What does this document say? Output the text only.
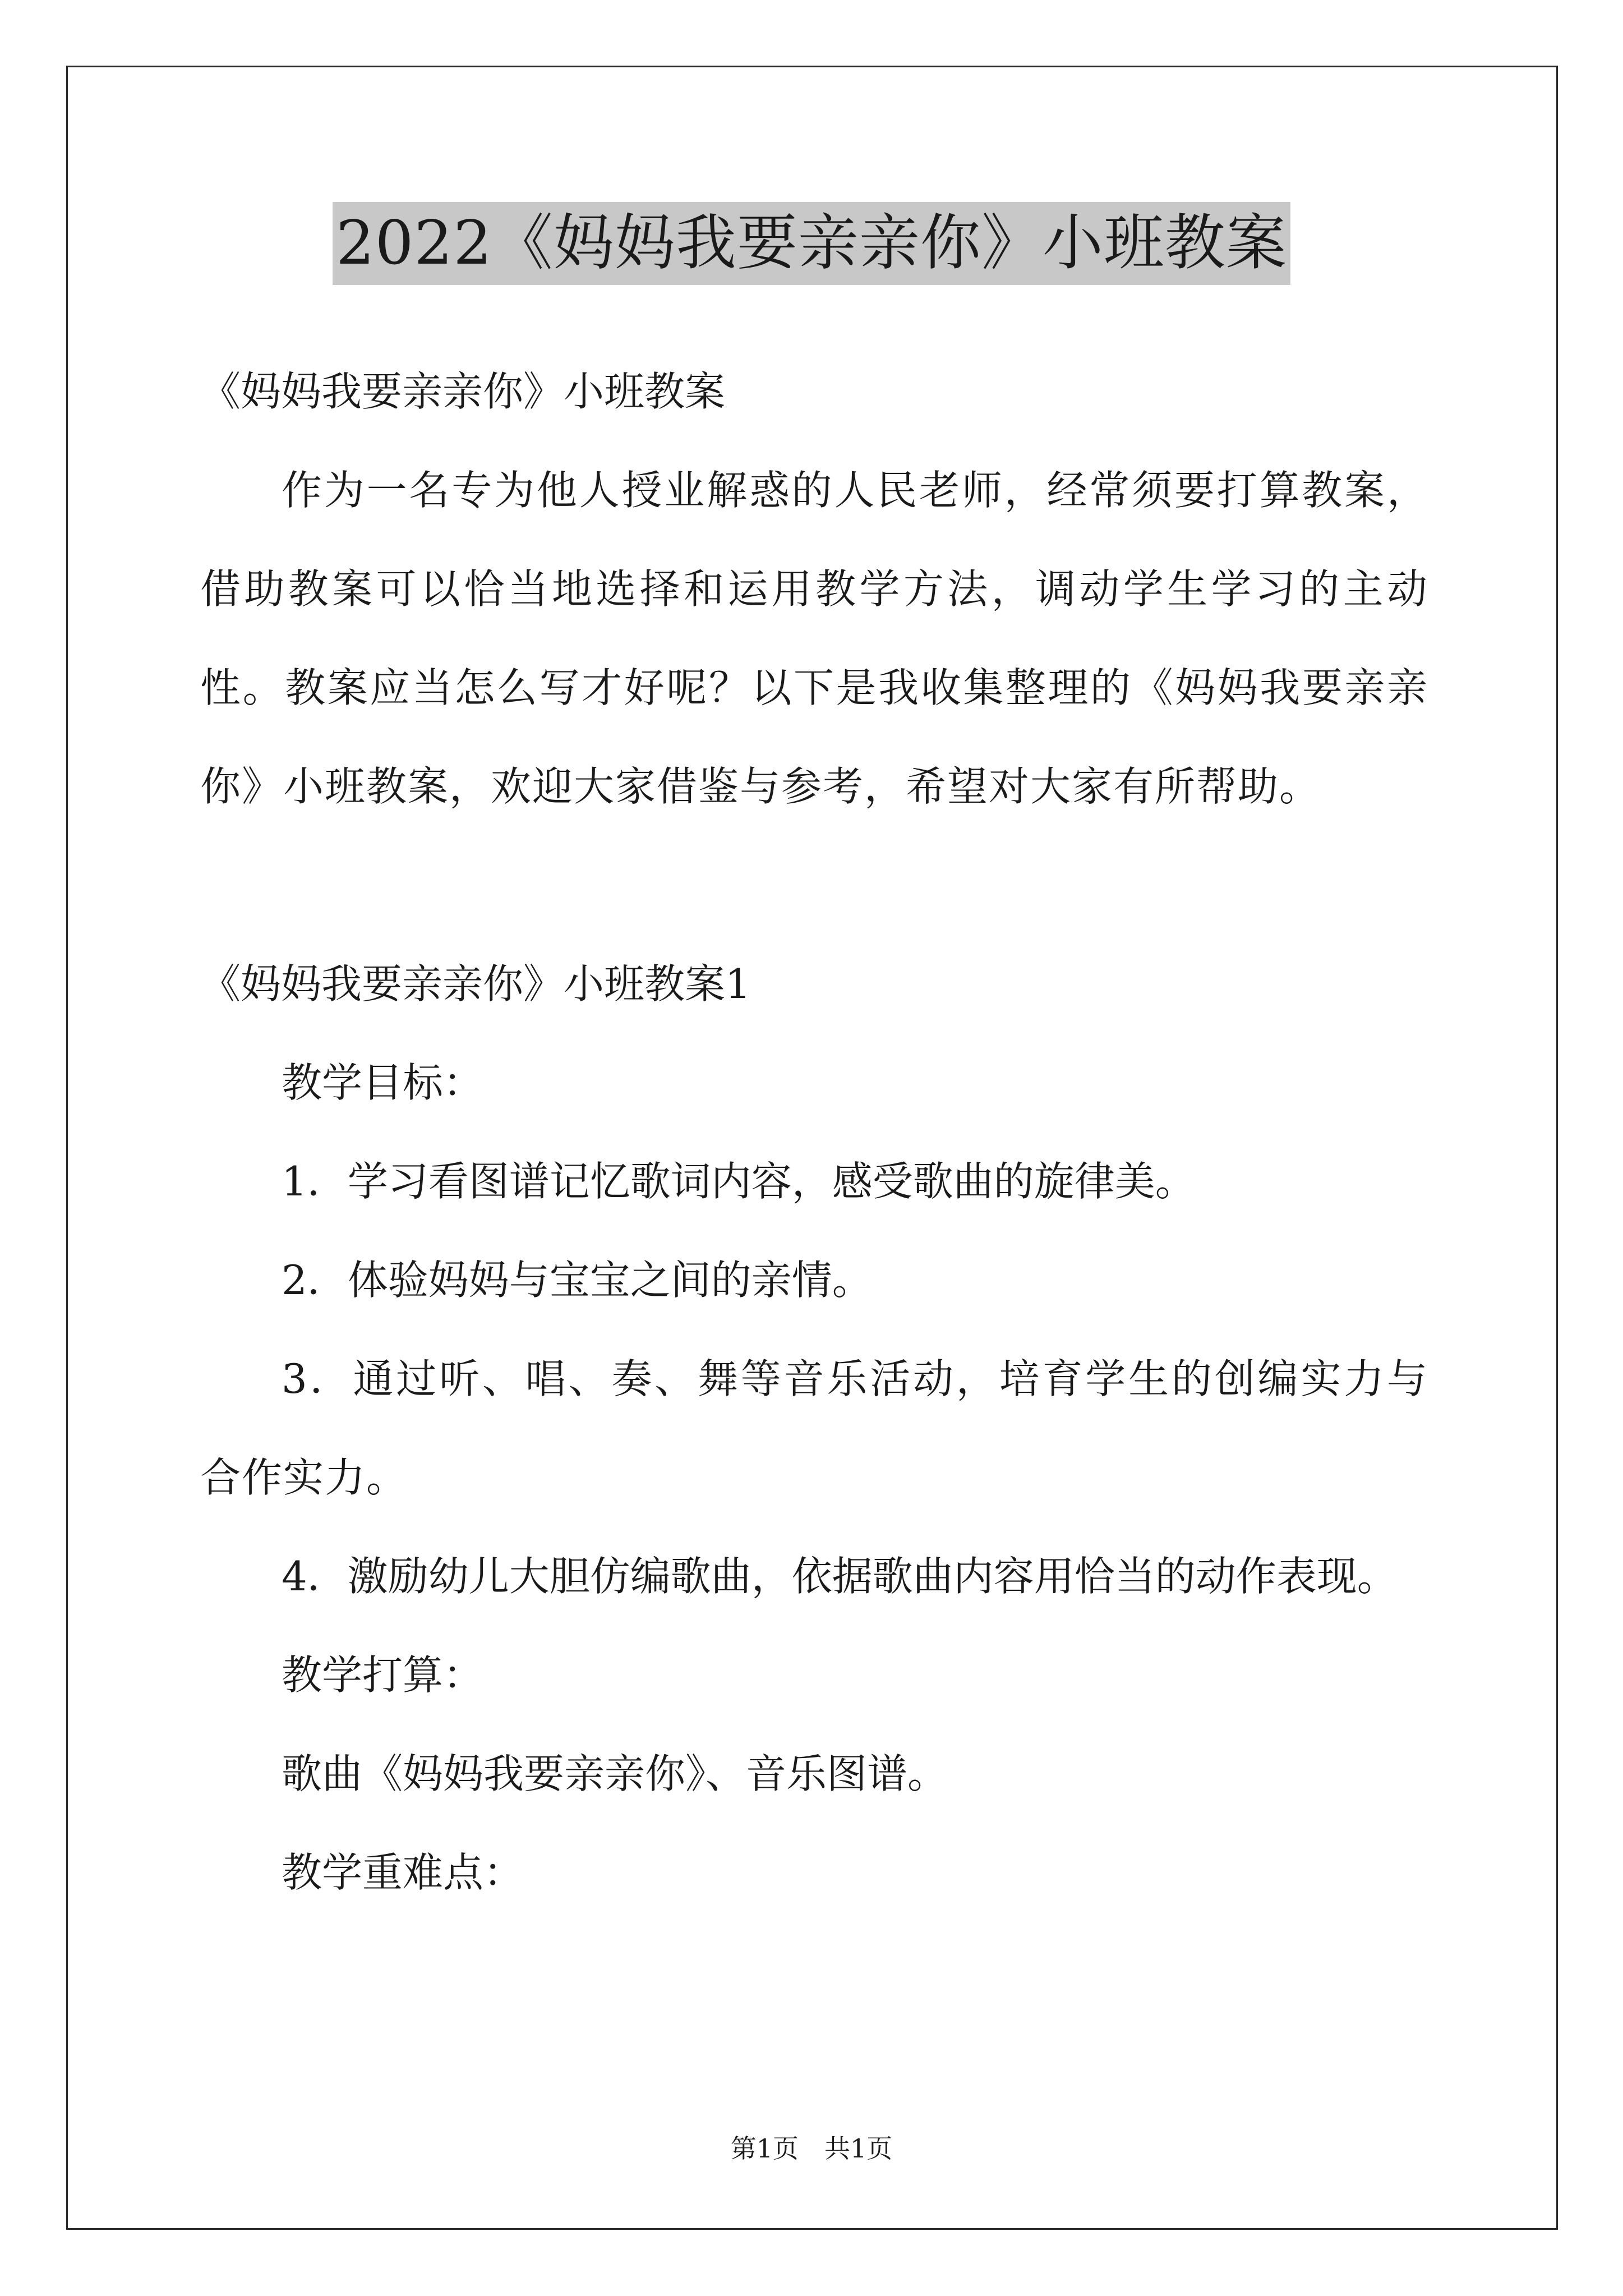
2022《妈妈我要亲亲你》小班教案

《妈妈我要亲亲你》小班教案

作为一名专为他人授业解惑的人民老师，经常须要打算教案，借助教案可以恰当地选择和运用教学方法，调动学生学习的主动性。教案应当怎么写才好呢？以下是我收集整理的《妈妈我要亲亲你》小班教案，欢迎大家借鉴与参考，希望对大家有所帮助。

《妈妈我要亲亲你》小班教案1

教学目标：

1．学习看图谱记忆歌词内容，感受歌曲的旋律美。

2．体验妈妈与宝宝之间的亲情。

3．通过听、唱、奏、舞等音乐活动，培育学生的创编实力与合作实力。

4．激励幼儿大胆仿编歌曲，依据歌曲内容用恰当的动作表现。

教学打算：

歌曲《妈妈我要亲亲你》、音乐图谱。

教学重难点：

第1页　共1页
